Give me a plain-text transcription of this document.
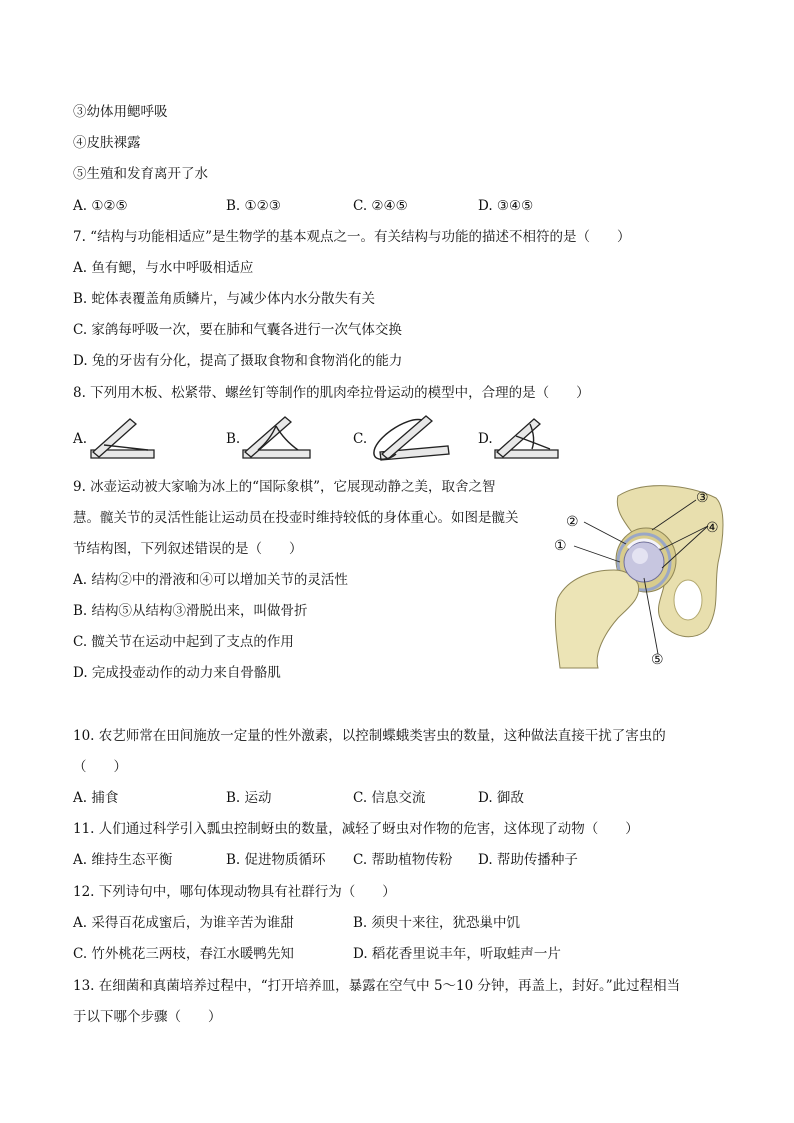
③幼体用鳃呼吸
④皮肤裸露
⑤生殖和发育离开了水
A. ①②⑤	B. ①②③	C. ②④⑤	D. ③④⑤
7. “结构与功能相适应”是生物学的基本观点之一。有关结构与功能的描述不相符的是（　　）
A. 鱼有鳃，与水中呼吸相适应
B. 蛇体表覆盖角质鳞片，与减少体内水分散失有关
C. 家鸽每呼吸一次，要在肺和气囊各进行一次气体交换
D. 兔的牙齿有分化，提高了摄取食物和食物消化的能力
8. 下列用木板、松紧带、螺丝钉等制作的肌肉牵拉骨运动的模型中，合理的是（　　）
A.	B.	C.	D.
9. 冰壶运动被大家喻为冰上的“国际象棋”，它展现动静之美，取舍之智
慧。髋关节的灵活性能让运动员在投壶时维持较低的身体重心。如图是髋关
节结构图，下列叙述错误的是（　　）
A. 结构②中的滑液和④可以增加关节的灵活性
B. 结构⑤从结构③滑脱出来，叫做骨折
C. 髋关节在运动中起到了支点的作用
D. 完成投壶动作的动力来自骨骼肌
①
②
③
④
⑤
10. 农艺师常在田间施放一定量的性外激素，以控制蝶蛾类害虫的数量，这种做法直接干扰了害虫的
（　　）
A. 捕食	B. 运动	C. 信息交流	D. 御敌
11. 人们通过科学引入瓢虫控制蚜虫的数量，减轻了蚜虫对作物的危害，这体现了动物（　　）
A. 维持生态平衡	B. 促进物质循环 C. 帮助植物传粉 D. 帮助传播种子
12. 下列诗句中，哪句体现动物具有社群行为（　　）
A. 采得百花成蜜后，为谁辛苦为谁甜	B. 须臾十来往，犹恐巢中饥
C. 竹外桃花三两枝，春江水暖鸭先知	D. 稻花香里说丰年，听取蛙声一片
13. 在细菌和真菌培养过程中，“打开培养皿，暴露在空气中 5～10 分钟，再盖上，封好。”此过程相当
于以下哪个步骤（　　）
